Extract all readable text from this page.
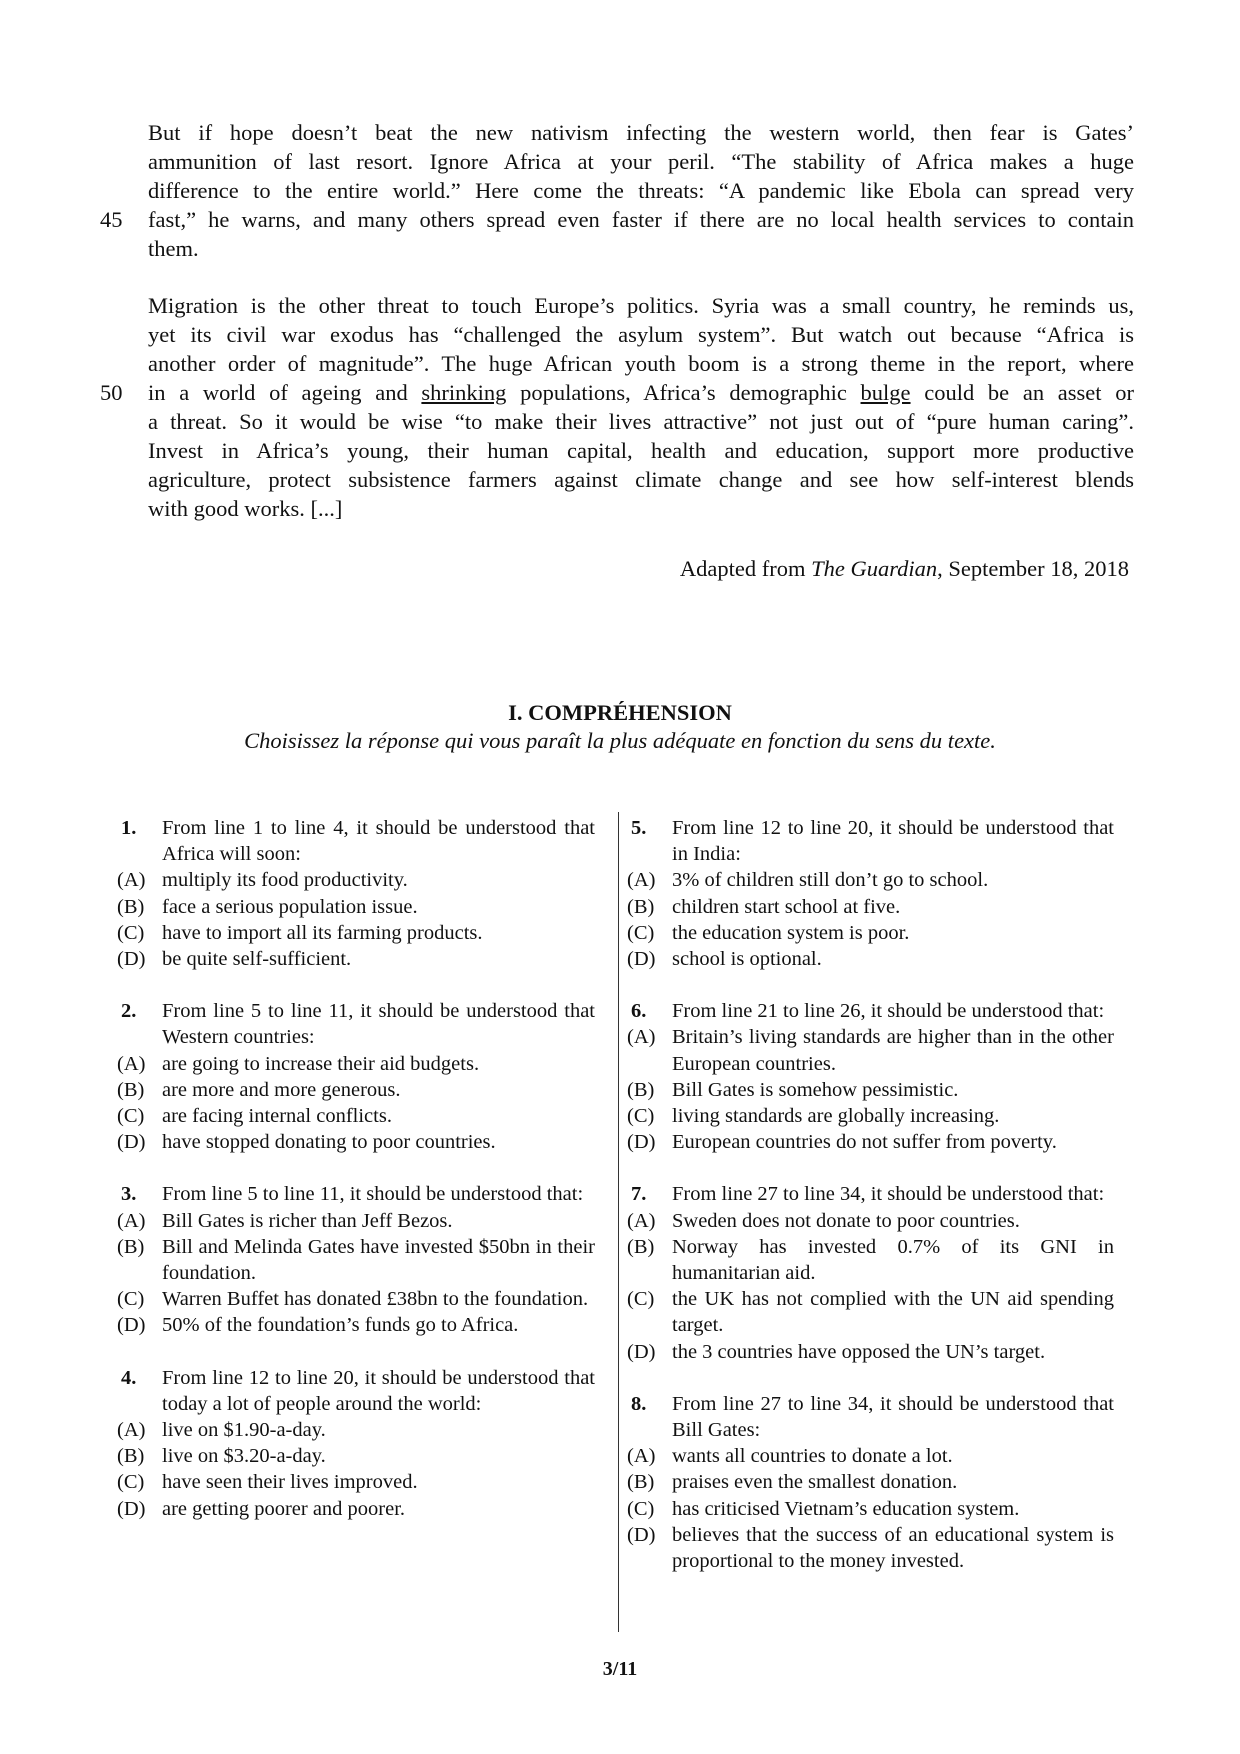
But if hope doesn’t beat the new nativism infecting the western world, then fear is Gates’
ammunition of last resort. Ignore Africa at your peril. “The stability of Africa makes a huge
difference to the entire world.” Here come the threats: “A pandemic like Ebola can spread very
45	fast,” he warns, and many others spread even faster if there are no local health services to contain
them.
Migration is the other threat to touch Europe’s politics. Syria was a small country, he reminds us,
yet its civil war exodus has “challenged the asylum system”. But watch out because “Africa is
another order of magnitude”. The huge African youth boom is a strong theme in the report, where
50	in a world of ageing and shrinking populations, Africa’s demographic bulge could be an asset or
a threat. So it would be wise “to make their lives attractive” not just out of “pure human caring”.
Invest in Africa’s young, their human capital, health and education, support more productive
agriculture, protect subsistence farmers against climate change and see how self-interest blends
with good works. [...]
Adapted from The Guardian, September 18, 2018
I. COMPRÉHENSION
Choisissez la réponse qui vous paraît la plus adéquate en fonction du sens du texte.
1.	From line 1 to line 4, it should be understood that Africa will soon:
(A) multiply its food productivity.
(B) face a serious population issue.
(C) have to import all its farming products.
(D) be quite self-sufficient.
2.	From line 5 to line 11, it should be understood that Western countries:
(A) are going to increase their aid budgets.
(B) are more and more generous.
(C) are facing internal conflicts.
(D) have stopped donating to poor countries.
3.	From line 5 to line 11, it should be understood that:
(A) Bill Gates is richer than Jeff Bezos.
(B) Bill and Melinda Gates have invested $50bn in their foundation.
(C) Warren Buffet has donated £38bn to the foundation.
(D) 50% of the foundation’s funds go to Africa.
4.	From line 12 to line 20, it should be understood that today a lot of people around the world:
(A) live on $1.90-a-day.
(B) live on $3.20-a-day.
(C) have seen their lives improved.
(D) are getting poorer and poorer.
5.	From line 12 to line 20, it should be understood that in India:
(A) 3% of children still don’t go to school.
(B) children start school at five.
(C) the education system is poor.
(D) school is optional.
6.	From line 21 to line 26, it should be understood that:
(A) Britain’s living standards are higher than in the other European countries.
(B) Bill Gates is somehow pessimistic.
(C) living standards are globally increasing.
(D) European countries do not suffer from poverty.
7.	From line 27 to line 34, it should be understood that:
(A) Sweden does not donate to poor countries.
(B) Norway has invested 0.7% of its GNI in humanitarian aid.
(C) the UK has not complied with the UN aid spending target.
(D) the 3 countries have opposed the UN’s target.
8.	From line 27 to line 34, it should be understood that Bill Gates:
(A) wants all countries to donate a lot.
(B) praises even the smallest donation.
(C) has criticised Vietnam’s education system.
(D) believes that the success of an educational system is proportional to the money invested.
3/11
